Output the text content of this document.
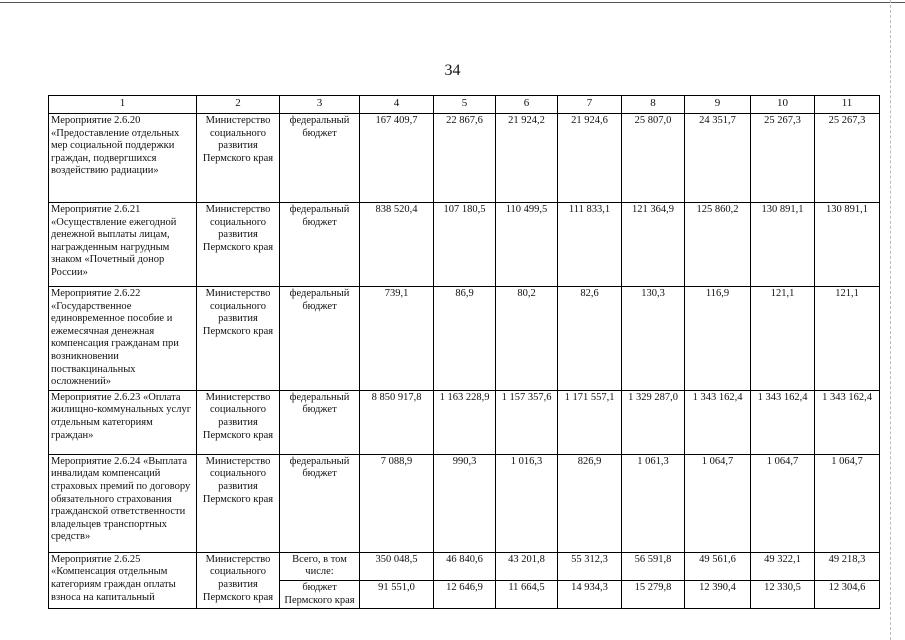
34
1	2	3	4	5	6	7	8	9	10	11
Мероприятие 2.6.20 «Предоставление отдельных мер социальной поддержки граждан, подвергшихся воздействию радиации»	Министерство социального развития Пермского края	федеральный бюджет	167 409,7	22 867,6	21 924,2	21 924,6	25 807,0	24 351,7	25 267,3	25 267,3
Мероприятие 2.6.21 «Осуществление ежегодной денежной выплаты лицам, награжденным нагрудным знаком «Почетный донор России»	Министерство социального развития Пермского края	федеральный бюджет	838 520,4	107 180,5	110 499,5	111 833,1	121 364,9	125 860,2	130 891,1	130 891,1
Мероприятие 2.6.22 «Государственное единовременное пособие и ежемесячная денежная компенсация гражданам при возникновении поствакцинальных осложнений»	Министерство социального развития Пермского края	федеральный бюджет	739,1	86,9	80,2	82,6	130,3	116,9	121,1	121,1
Мероприятие 2.6.23 «Оплата жилищно-коммунальных услуг отдельным категориям граждан»	Министерство социального развития Пермского края	федеральный бюджет	8 850 917,8	1 163 228,9	1 157 357,6	1 171 557,1	1 329 287,0	1 343 162,4	1 343 162,4	1 343 162,4
Мероприятие 2.6.24 «Выплата инвалидам компенсаций страховых премий по договору обязательного страхования гражданской ответственности владельцев транспортных средств»	Министерство социального развития Пермского края	федеральный бюджет	7 088,9	990,3	1 016,3	826,9	1 061,3	1 064,7	1 064,7	1 064,7
Мероприятие 2.6.25 «Компенсация отдельным категориям граждан оплаты взноса на капитальный	Министерство социального развития Пермского края	Всего, в том числе:	350 048,5	46 840,6	43 201,8	55 312,3	56 591,8	49 561,6	49 322,1	49 218,3
		бюджет Пермского края	91 551,0	12 646,9	11 664,5	14 934,3	15 279,8	12 390,4	12 330,5	12 304,6
